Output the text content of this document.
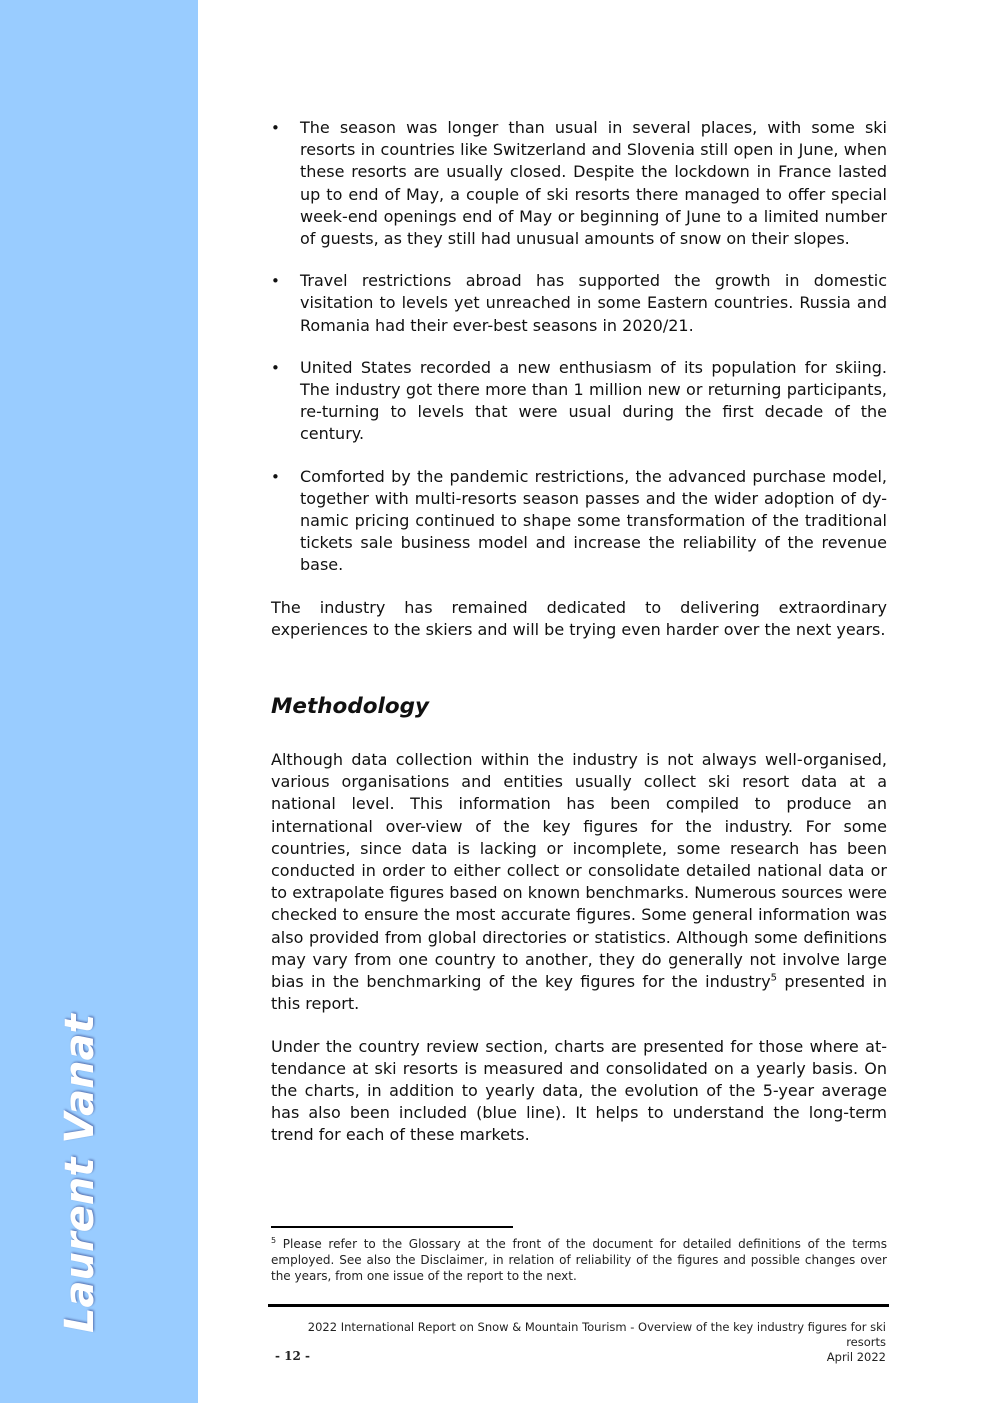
Laurent Vanat
• The season was longer than usual in several places, with some ski resorts in countries like Switzerland and Slovenia still open in June, when these resorts are usually closed. Despite the lockdown in France lasted up to end of May, a couple of ski resorts there managed to offer special week-end openings end of May or beginning of June to a limited number of guests, as they still had unusual amounts of snow on their slopes.
• Travel restrictions abroad has supported the growth in domestic visitation to levels yet unreached in some Eastern countries. Russia and Romania had their ever-best seasons in 2020/21.
• United States recorded a new enthusiasm of its population for skiing. The industry got there more than 1 million new or returning participants, re-turning to levels that were usual during the first decade of the century.
• Comforted by the pandemic restrictions, the advanced purchase model, together with multi-resorts season passes and the wider adoption of dy-namic pricing continued to shape some transformation of the traditional tickets sale business model and increase the reliability of the revenue base.

The industry has remained dedicated to delivering extraordinary experiences to the skiers and will be trying even harder over the next years.

Methodology

Although data collection within the industry is not always well-organised, various organisations and entities usually collect ski resort data at a national level. This information has been compiled to produce an international over-view of the key figures for the industry. For some countries, since data is lacking or incomplete, some research has been conducted in order to either collect or consolidate detailed national data or to extrapolate figures based on known benchmarks. Numerous sources were checked to ensure the most accurate figures. Some general information was also provided from global directories or statistics. Although some definitions may vary from one country to another, they do generally not involve large bias in the benchmarking of the key figures for the industry$^5$ presented in this report.

Under the country review section, charts are presented for those where at-tendance at ski resorts is measured and consolidated on a yearly basis. On the charts, in addition to yearly data, the evolution of the 5-year average has also been included (blue line). It helps to understand the long-term trend for each of these markets.

$^5$ Please refer to the Glossary at the front of the document for detailed definitions of the terms employed. See also the Disclaimer, in relation of reliability of the figures and possible changes over the years, from one issue of the report to the next.
2022 International Report on Snow & Mountain Tourism - Overview of the key industry figures for ski resorts
April 2022
- 12 -
